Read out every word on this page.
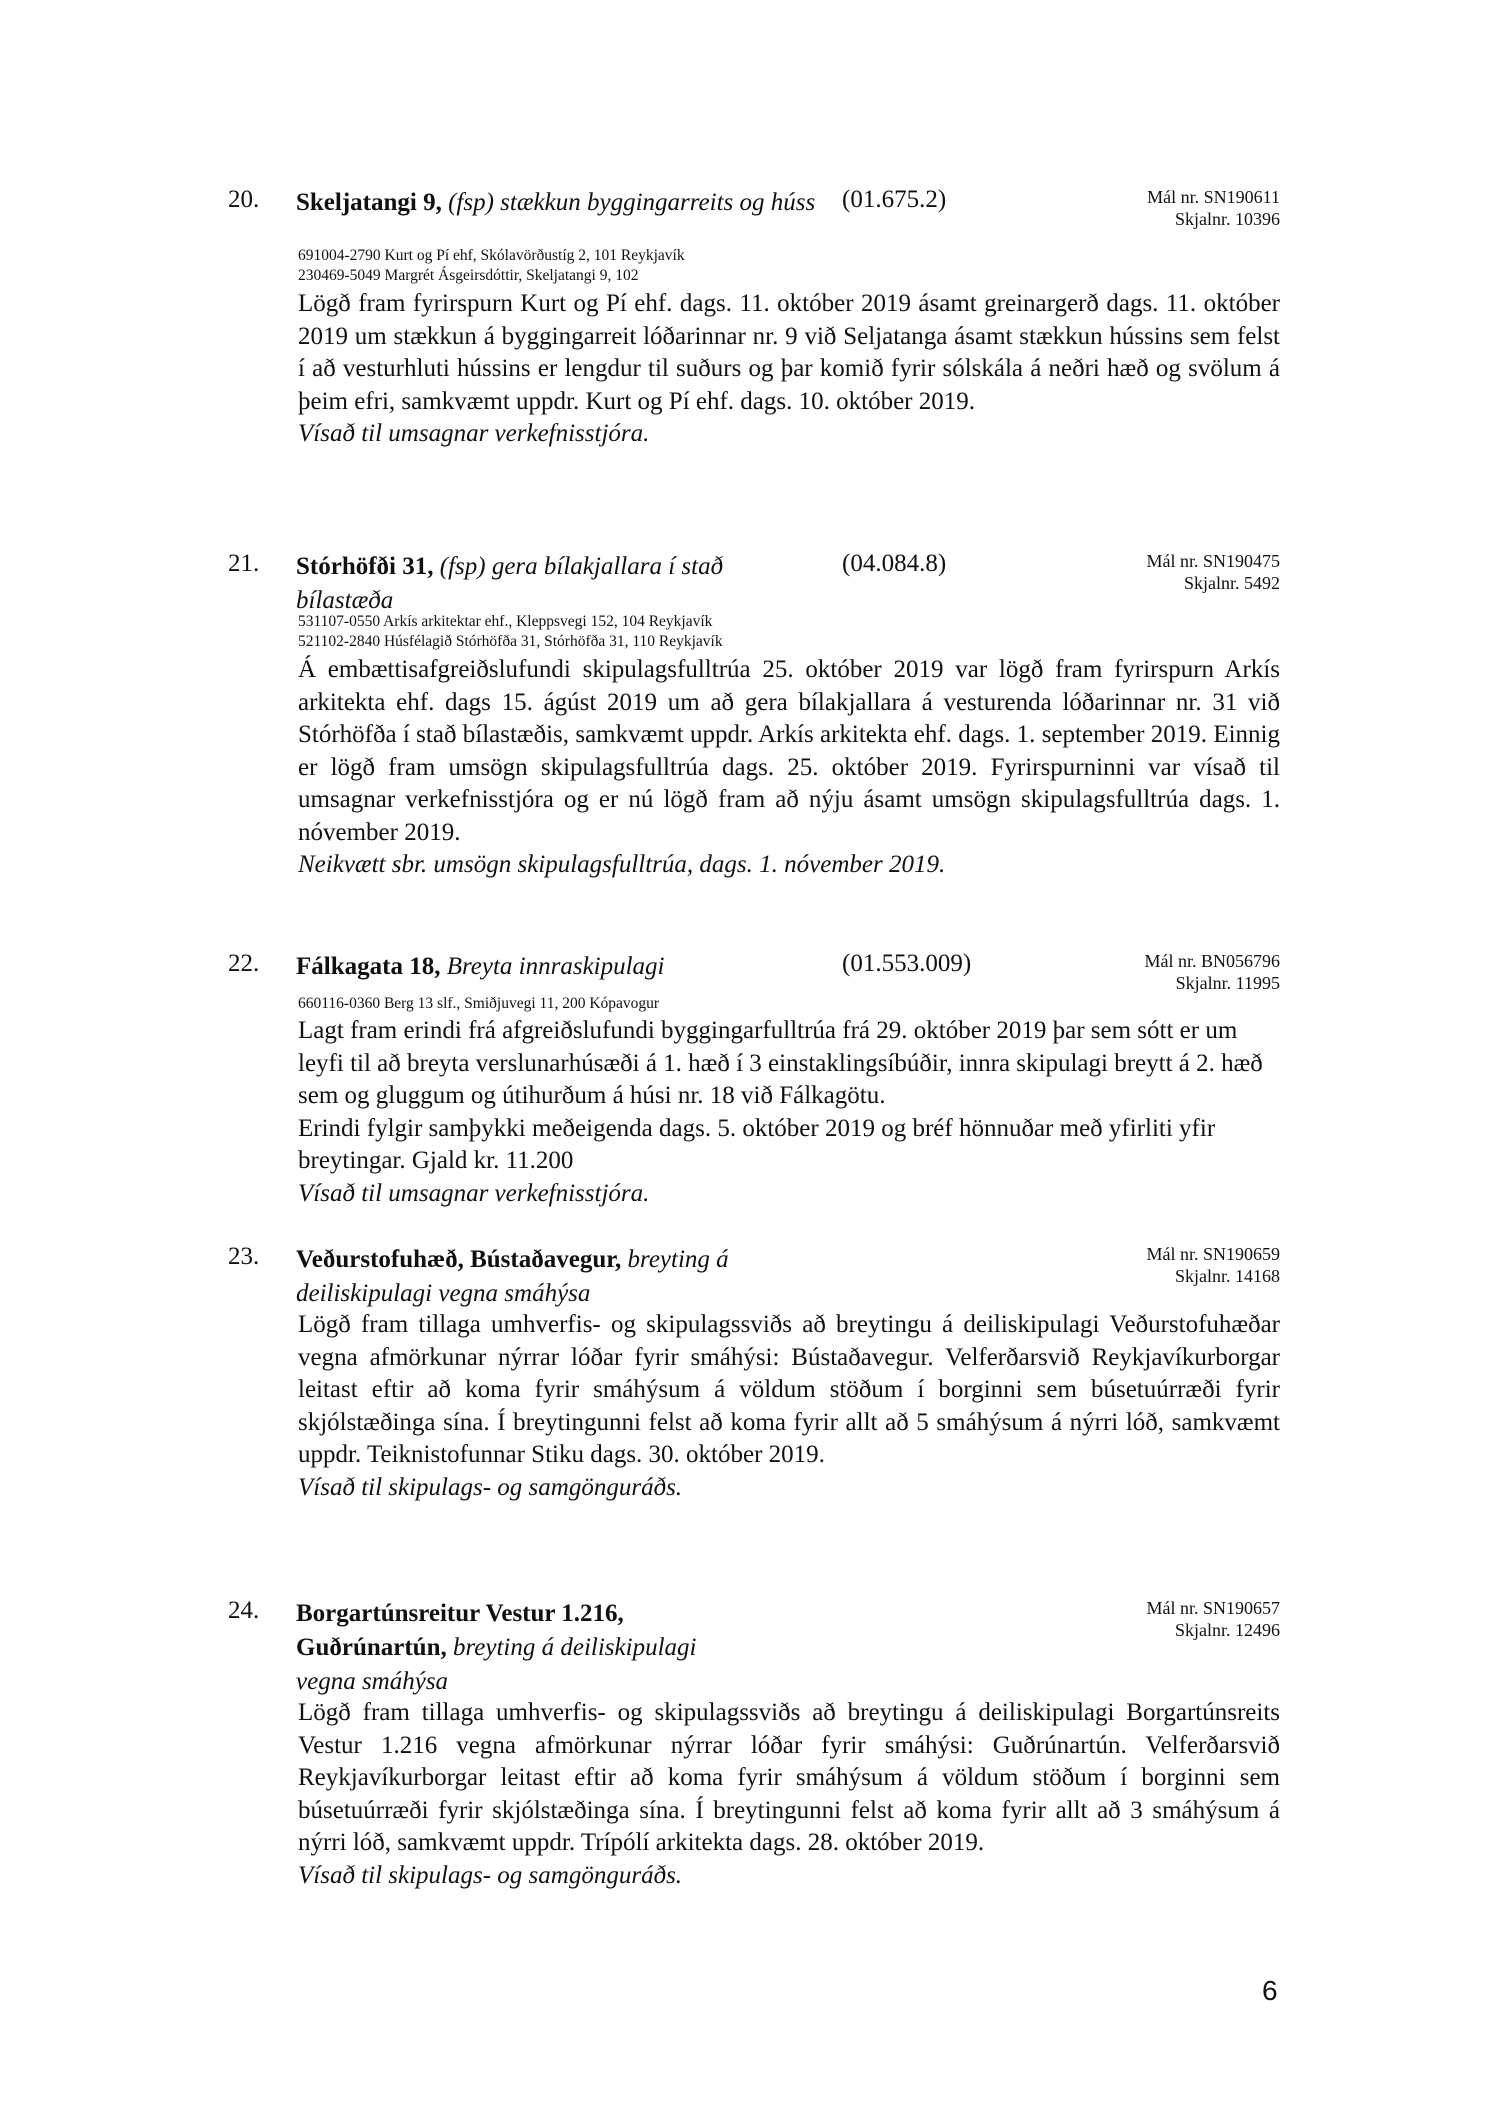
20. Skeljatangi 9, (fsp) stækkun byggingarreits og húss	(01.675.2)	Mál nr. SN190611
Skjalnr. 10396
691004-2790 Kurt og Pí ehf, Skólavörðustíg 2, 101 Reykjavík
230469-5049 Margrét Ásgeirsdóttir, Skeljatangi 9, 102

Lögð fram fyrirspurn Kurt og Pí ehf. dags. 11. október 2019 ásamt greinargerð dags. 11. október 2019 um stækkun á byggingarreit lóðarinnar nr. 9 við Seljatanga ásamt stækkun hússins sem felst í að vesturhluti hússins er lengdur til suðurs og þar komið fyrir sólskála á neðri hæð og svölum á þeim efri, samkvæmt uppdr. Kurt og Pí ehf. dags. 10. október 2019.

Vísað til umsagnar verkefnisstjóra.

21. Stórhöfði 31, (fsp) gera bílakjallara í stað bílastæða
(04.084.8)	Mál nr. SN190475
Skjalnr. 5492
531107-0550 Arkís arkitektar ehf., Kleppsvegi 152, 104 Reykjavík
521102-2840 Húsfélagið Stórhöfða 31, Stórhöfða 31, 110 Reykjavík

Á embættisafgreiðslufundi skipulagsfulltrúa 25. október 2019 var lögð fram fyrirspurn Arkís arkitekta ehf. dags 15. ágúst 2019 um að gera bílakjallara á vesturenda lóðarinnar nr. 31 við Stórhöfða í stað bílastæðis, samkvæmt uppdr. Arkís arkitekta ehf. dags. 1. september 2019. Einnig er lögð fram umsögn skipulagsfulltrúa dags. 25. október 2019. Fyrirspurninni var vísað til umsagnar verkefnisstjóra og er nú lögð fram að nýju ásamt umsögn skipulagsfulltrúa dags. 1. nóvember 2019.

Neikvætt sbr. umsögn skipulagsfulltrúa, dags. 1. nóvember 2019.

22. Fálkagata 18, Breyta innraskipulagi	(01.553.009)	Mál nr. BN056796
Skjalnr. 11995
660116-0360 Berg 13 slf., Smiðjuvegi 11, 200 Kópavogur

Lagt fram erindi frá afgreiðslufundi byggingarfulltrúa frá 29. október 2019 þar sem sótt er um leyfi til að breyta verslunarhúsæði á 1. hæð í 3 einstaklingsíbúðir, innra skipulagi breytt á 2. hæð sem og gluggum og útihurðum á húsi nr. 18 við Fálkagötu.

Erindi fylgir samþykki meðeigenda dags. 5. október 2019 og bréf hönnuðar með yfirliti yfir breytingar. Gjald kr. 11.200

Vísað til umsagnar verkefnisstjóra.

23. Veðurstofuhæð, Bústaðavegur, breyting á deiliskipulagi vegna smáhýsa
Mál nr. SN190659
Skjalnr. 14168

Lögð fram tillaga umhverfis- og skipulagssviðs að breytingu á deiliskipulagi Veðurstofuhæðar vegna afmörkunar nýrrar lóðar fyrir smáhýsi: Bústaðavegur. Velferðarsvið Reykjavíkurborgar leitast eftir að koma fyrir smáhýsum á völdum stöðum í borginni sem búsetuúrræði fyrir skjólstæðinga sína. Í breytingunni felst að koma fyrir allt að 5 smáhýsum á nýrri lóð, samkvæmt uppdr. Teiknistofunnar Stiku dags. 30. október 2019.

Vísað til skipulags- og samgönguráðs.

24. Borgartúnsreitur Vestur 1.216,
Guðrúnartún, breyting á deiliskipulagi
vegna smáhýsa
Mál nr. SN190657
Skjalnr. 12496

Lögð fram tillaga umhverfis- og skipulagssviðs að breytingu á deiliskipulagi Borgartúnsreits Vestur 1.216 vegna afmörkunar nýrrar lóðar fyrir smáhýsi: Guðrúnartún. Velferðarsvið Reykjavíkurborgar leitast eftir að koma fyrir smáhýsum á völdum stöðum í borginni sem búsetuúrræði fyrir skjólstæðinga sína. Í breytingunni felst að koma fyrir allt að 3 smáhýsum á nýrri lóð, samkvæmt uppdr. Trípólí arkitekta dags. 28. október 2019.

Vísað til skipulags- og samgönguráðs.

6
